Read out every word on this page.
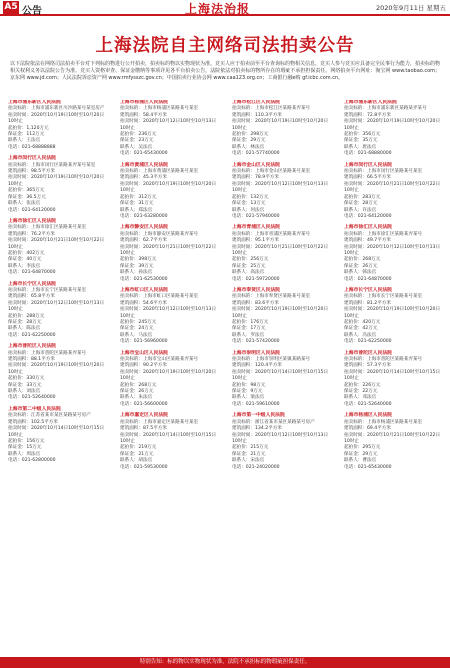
A5 公告	上海法治报	2020年9月11日 星期五
上海法院自主网络司法拍卖公告
以下法院依法在网络司法拍卖平台对下列标的物进行公开拍卖，拍卖标的物以实物现状为准。竞买人应于拍卖前至平台查询标的物相关信息，竞买人参与竞买应具备完全民事行为能力，拍卖标的物相关权利义务以法院公告为准。竞买人资格审查、保证金缴纳等事项详见各平台拍卖公告，法院依法对拍卖标的物所存在的瑕疵不承担担保责任。网络拍卖平台网址：淘宝网 www.taobao.com；京东网 www.jd.com；人民法院诉讼资产网 www.rmfysszc.gov.cn；中国拍卖行业协会网 www.caa123.org.cn；工商银行融e购 gf.icbc.com.cn。
上海市浦东新区人民法院
拍卖标的：上海市浦东新区川沙路某号某室房产
拍卖时间：2020年10月19日10时至10月20日10时止
起拍价：1,120万元
保证金：112万元
联系人：王法官
电话：021-68888888
上海市闵行区人民法院
拍卖标的：上海市闵行区某路某弄某号某室
建筑面积：98.5平方米
拍卖时间：2020年10月19日10时至10月20日10时止
起拍价：365万元
保证金：36.5万元
联系人：张法官
电话：021-64120000
上海市徐汇区人民法院
拍卖标的：上海市徐汇区某路某号某室
建筑面积：76.2平方米
拍卖时间：2020年10月21日10时至10月22日10时止
起拍价：402万元
保证金：40万元
联系人：李法官
电话：021-64870000
上海市长宁区人民法院
拍卖标的：上海市长宁区某路某号某室
建筑面积：65.8平方米
拍卖时间：2020年10月12日10时至10月13日10时止
起拍价：288万元
保证金：28万元
联系人：陈法官
电话：021-62250000
上海市普陀区人民法院
拍卖标的：上海市普陀区某路某弄某号
建筑面积：88.1平方米
拍卖时间：2020年10月19日10时至10月20日10时止
起拍价：330万元
保证金：33万元
联系人：刘法官
电话：021-52640000
上海市第二中级人民法院
拍卖标的：江苏省某市某区某路某号房产
建筑面积：102.5平方米
拍卖时间：2020年10月14日10时至10月15日10时止
起拍价：156万元
保证金：15万元
联系人：周法官
电话：021-62800000
上海市杨浦区人民法院
拍卖标的：上海市杨浦区某路某号某室
建筑面积：58.4平方米
拍卖时间：2020年10月12日10时至10月13日10时止
起拍价：236万元
保证金：23万元
联系人：吴法官
电话：021-65430000
上海市黄浦区人民法院
拍卖标的：上海市黄浦区某路某号某室
建筑面积：45.3平方米
拍卖时间：2020年10月19日10时至10月20日10时止
起拍价：312万元
保证金：31万元
联系人：郑法官
电话：021-63280000
上海市静安区人民法院
拍卖标的：上海市静安区某路某弄某号
建筑面积：62.7平方米
拍卖时间：2020年10月21日10时至10月22日10时止
起拍价：398万元
保证金：39万元
联系人：孙法官
电话：021-62530000
上海市虹口区人民法院
拍卖标的：上海市虹口区某路某号某室
建筑面积：54.6平方米
拍卖时间：2020年10月12日10时至10月13日10时止
起拍价：245万元
保证金：24万元
联系人：马法官
电话：021-56960000
上海市宝山区人民法院
拍卖标的：上海市宝山区某路某弄某号
建筑面积：90.2平方米
拍卖时间：2020年10月19日10时至10月20日10时止
起拍价：268万元
保证金：26万元
联系人：朱法官
电话：021-56600000
上海市嘉定区人民法院
拍卖标的：上海市嘉定区某路某号某室
建筑面积：87.5平方米
拍卖时间：2020年10月14日10时至10月15日10时止
起拍价：219万元
保证金：21万元
联系人：胡法官
电话：021-59530000
上海市松江区人民法院
拍卖标的：上海市松江区某路某弄某号
建筑面积：110.3平方米
拍卖时间：2020年10月19日10时至10月20日10时止
起拍价：298万元
保证金：29万元
联系人：林法官
电话：021-57740000
上海市金山区人民法院
拍卖标的：上海市金山区某路某号某室
建筑面积：78.9平方米
拍卖时间：2020年10月12日10时至10月13日10时止
起拍价：132万元
保证金：13万元
联系人：何法官
电话：021-57940000
上海市青浦区人民法院
拍卖标的：上海市青浦区某路某弄某号
建筑面积：95.1平方米
拍卖时间：2020年10月21日10时至10月22日10时止
起拍价：256万元
保证金：25万元
联系人：高法官
电话：021-59720000
上海市奉贤区人民法院
拍卖标的：上海市奉贤区某路某号某室
建筑面积：83.6平方米
拍卖时间：2020年10月19日10时至10月20日10时止
起拍价：176万元
保证金：17万元
联系人：罗法官
电话：021-57420000
上海市崇明区人民法院
拍卖标的：上海市崇明区某镇某路某号
建筑面积：120.4平方米
拍卖时间：2020年10月14日10时至10月15日10时止
起拍价：98万元
保证金：9万元
联系人：梁法官
电话：021-59610000
上海市第一中级人民法院
拍卖标的：浙江省某市某区某路某号房产
建筑面积：134.2平方米
拍卖时间：2020年10月12日10时至10月13日10时止
起拍价：215万元
保证金：21万元
联系人：宋法官
电话：021-24020000
上海市浦东新区人民法院
拍卖标的：上海市浦东新区某路某弄某号
建筑面积：72.8平方米
拍卖时间：2020年10月19日10时至10月20日10时止
起拍价：356万元
保证金：35万元
联系人：唐法官
电话：021-68880000
上海市闵行区人民法院
拍卖标的：上海市闵行区某路某号某室
建筑面积：66.5平方米
拍卖时间：2020年10月21日10时至10月22日10时止
起拍价：283万元
保证金：28万元
联系人：许法官
电话：021-64120000
上海市徐汇区人民法院
拍卖标的：上海市徐汇区某路某弄某号
建筑面积：49.7平方米
拍卖时间：2020年10月12日10时至10月13日10时止
起拍价：268万元
保证金：26万元
联系人：韩法官
电话：021-64870000
上海市长宁区人民法院
拍卖标的：上海市长宁区某路某号某室
建筑面积：81.2平方米
拍卖时间：2020年10月19日10时至10月20日10时止
起拍价：420万元
保证金：42万元
联系人：冯法官
电话：021-62250000
上海市普陀区人民法院
拍卖标的：上海市普陀区某路某弄某号
建筑面积：57.3平方米
拍卖时间：2020年10月14日10时至10月15日10时止
起拍价：226万元
保证金：22万元
联系人：邓法官
电话：021-52640000
上海市杨浦区人民法院
拍卖标的：上海市杨浦区某路某号某室
建筑面积：69.4平方米
拍卖时间：2020年10月21日10时至10月22日10时止
起拍价：295万元
保证金：29万元
联系人：曹法官
电话：021-65430000
特别告知：标的物以实物现状为准，法院不承担标的物瑕疵担保责任。
